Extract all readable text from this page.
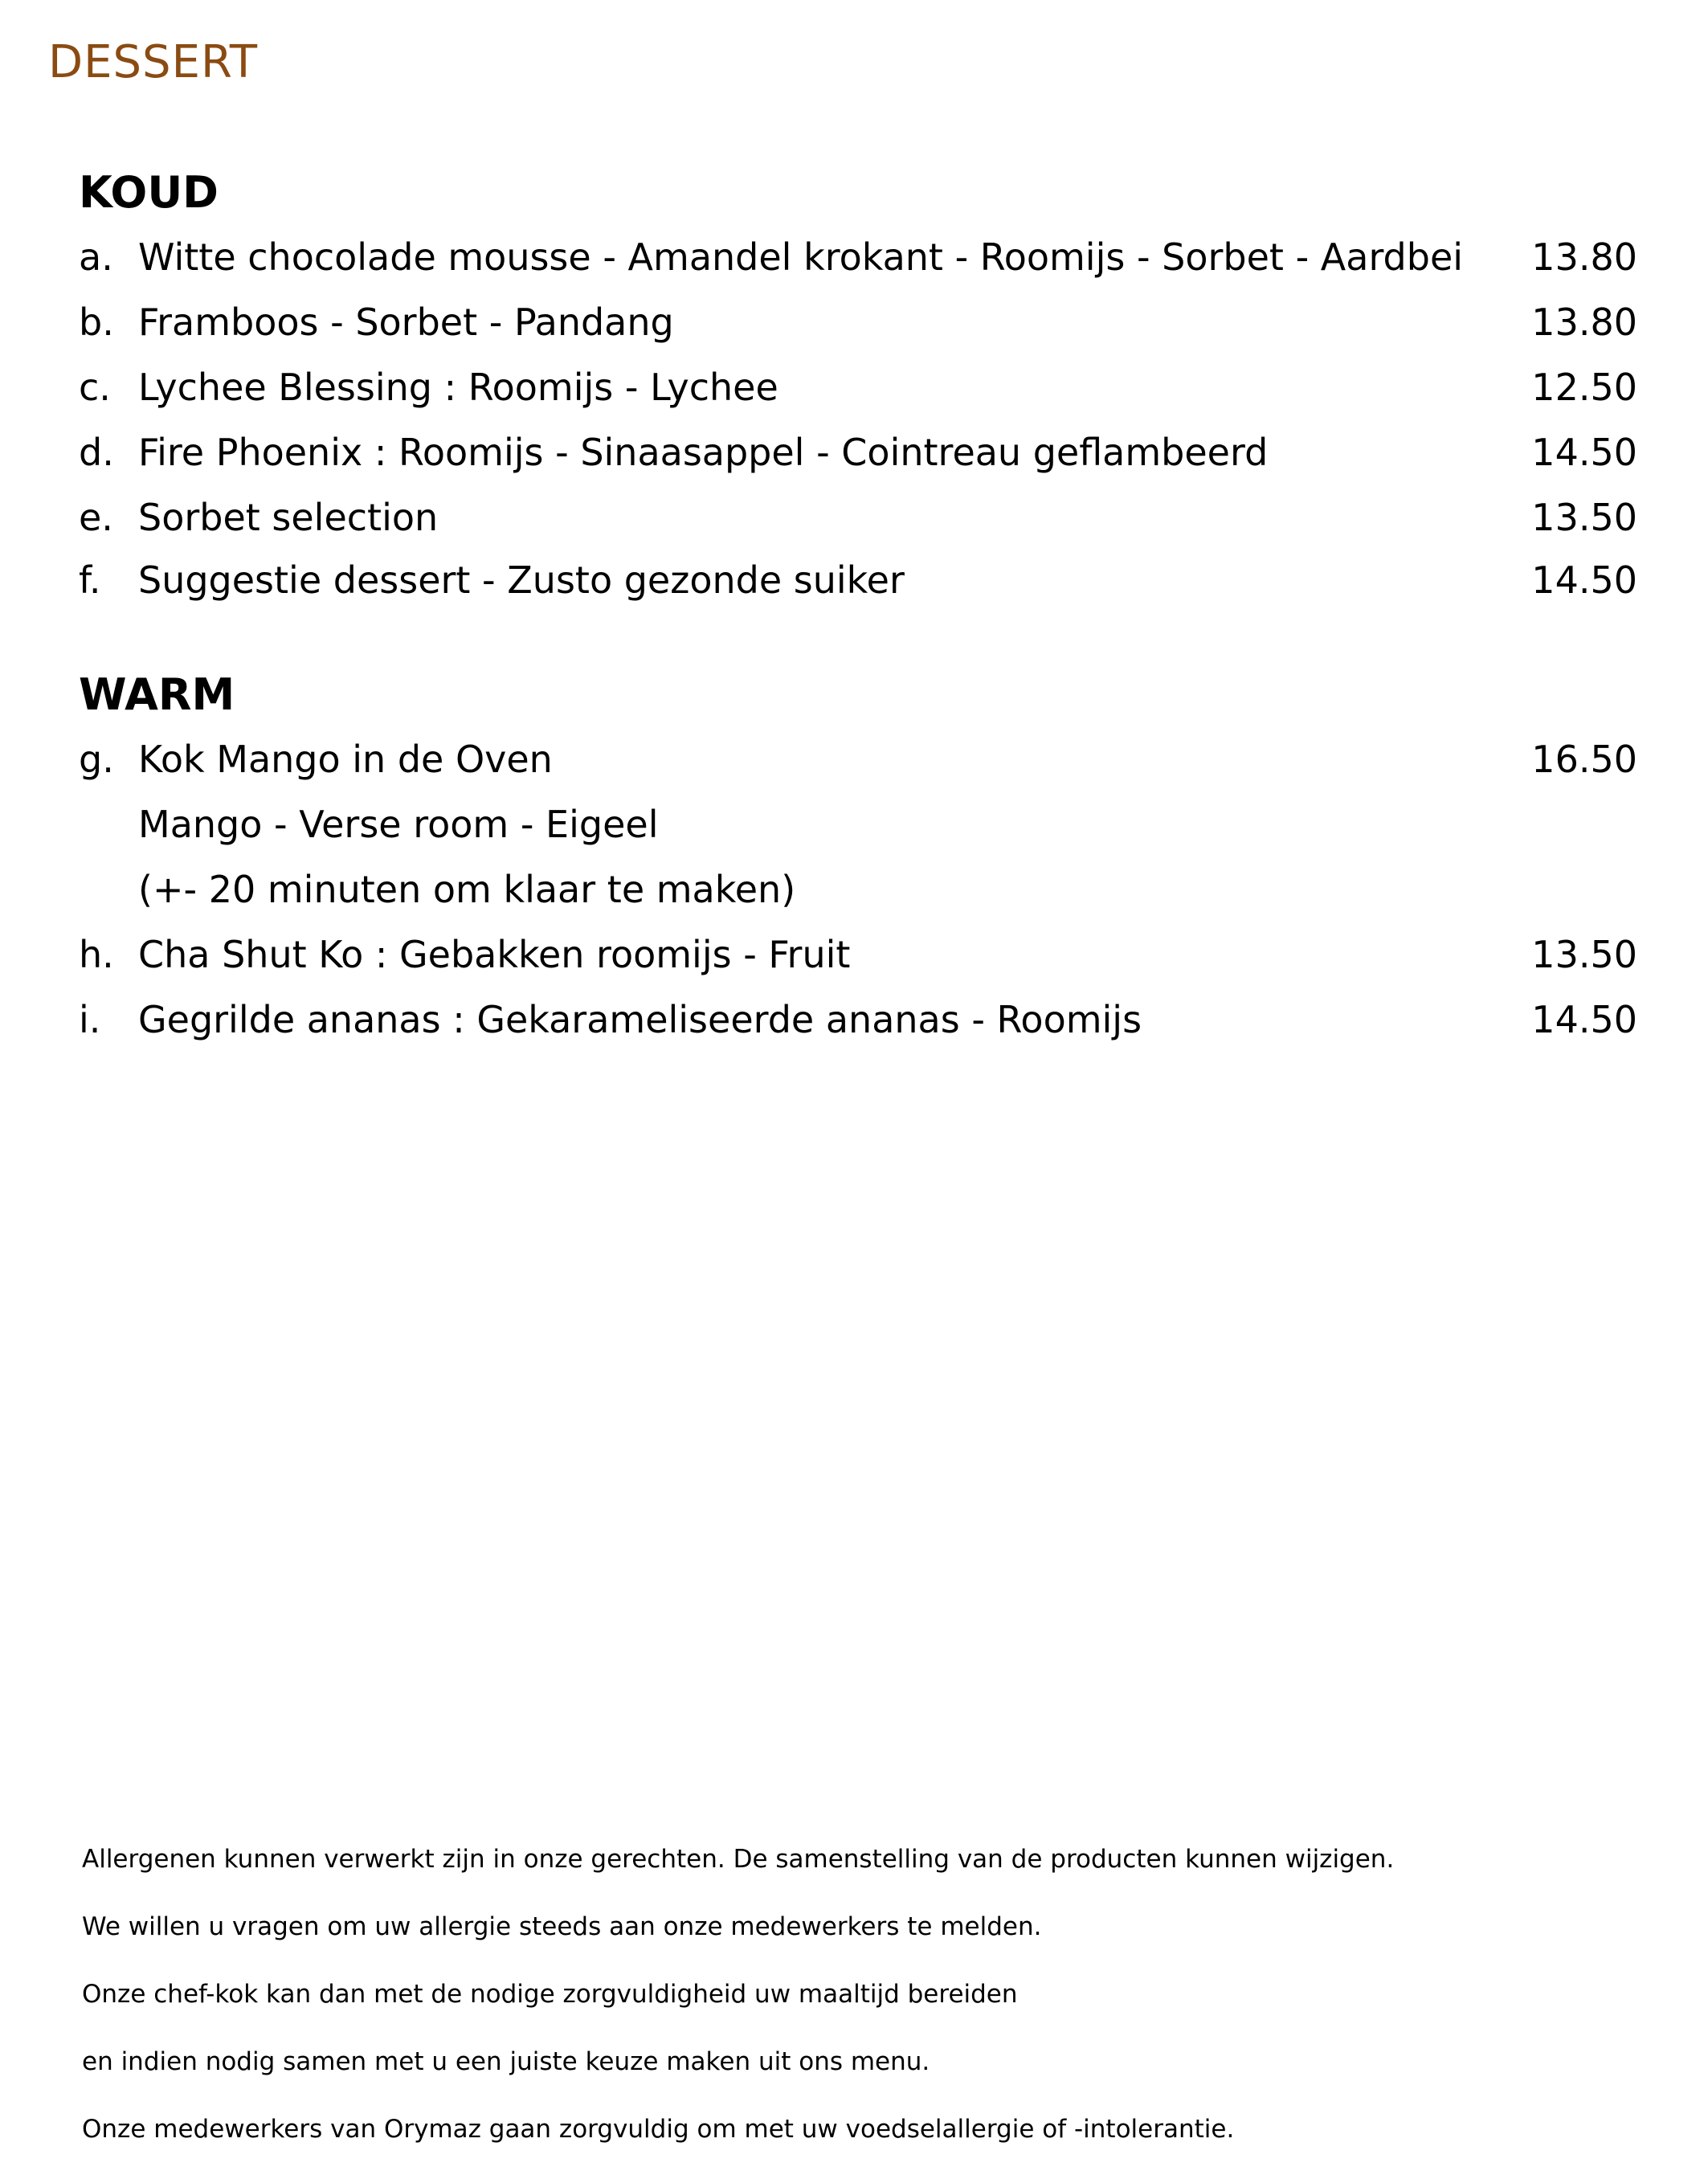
DESSERT
KOUD
a. Witte chocolade mousse - Amandel krokant - Roomijs - Sorbet - Aardbei 13.80
b. Framboos - Sorbet - Pandang	13.80
c. Lychee Blessing : Roomijs - Lychee	12.50
d. Fire Phoenix : Roomijs - Sinaasappel - Cointreau geflambeerd	14.50
e. Sorbet selection	13.50
f. Suggestie dessert - Zusto gezonde suiker	14.50
WARM
g. Kok Mango in de Oven	16.50
Mango - Verse room - Eigeel
(+- 20 minuten om klaar te maken)
h. Cha Shut Ko : Gebakken roomijs - Fruit	13.50
i. Gegrilde ananas : Gekarameliseerde ananas - Roomijs	14.50
Allergenen kunnen verwerkt zijn in onze gerechten. De samenstelling van de producten kunnen wijzigen.
We willen u vragen om uw allergie steeds aan onze medewerkers te melden.
Onze chef-kok kan dan met de nodige zorgvuldigheid uw maaltijd bereiden
en indien nodig samen met u een juiste keuze maken uit ons menu.
Onze medewerkers van Orymaz gaan zorgvuldig om met uw voedselallergie of -intolerantie.
